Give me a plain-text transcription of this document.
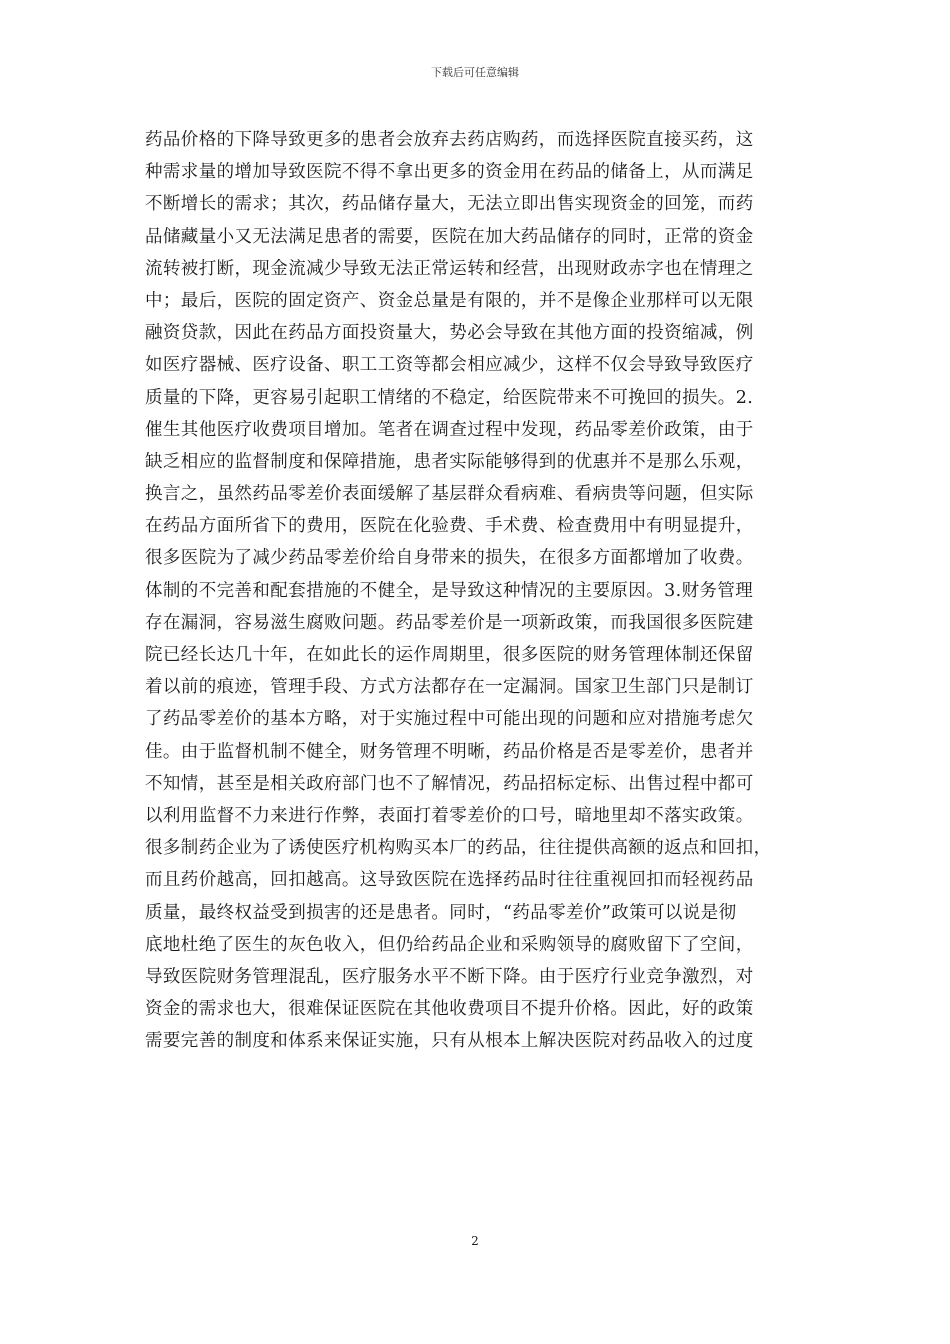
下载后可任意编辑
药品价格的下降导致更多的患者会放弃去药店购药，而选择医院直接买药，这
种需求量的增加导致医院不得不拿出更多的资金用在药品的储备上，从而满足
不断增长的需求；其次，药品储存量大，无法立即出售实现资金的回笼，而药
品储藏量小又无法满足患者的需要，医院在加大药品储存的同时，正常的资金
流转被打断，现金流减少导致无法正常运转和经营，出现财政赤字也在情理之
中；最后，医院的固定资产、资金总量是有限的，并不是像企业那样可以无限
融资贷款，因此在药品方面投资量大，势必会导致在其他方面的投资缩减，例
如医疗器械、医疗设备、职工工资等都会相应减少，这样不仅会导致导致医疗
质量的下降，更容易引起职工情绪的不稳定，给医院带来不可挽回的损失。2.
催生其他医疗收费项目增加。笔者在调查过程中发现，药品零差价政策，由于
缺乏相应的监督制度和保障措施，患者实际能够得到的优惠并不是那么乐观，
换言之，虽然药品零差价表面缓解了基层群众看病难、看病贵等问题，但实际
在药品方面所省下的费用，医院在化验费、手术费、检查费用中有明显提升，
很多医院为了减少药品零差价给自身带来的损失，在很多方面都增加了收费。
体制的不完善和配套措施的不健全，是导致这种情况的主要原因。3.财务管理
存在漏洞，容易滋生腐败问题。药品零差价是一项新政策，而我国很多医院建
院已经长达几十年，在如此长的运作周期里，很多医院的财务管理体制还保留
着以前的痕迹，管理手段、方式方法都存在一定漏洞。国家卫生部门只是制订
了药品零差价的基本方略，对于实施过程中可能出现的问题和应对措施考虑欠
佳。由于监督机制不健全，财务管理不明晰，药品价格是否是零差价，患者并
不知情，甚至是相关政府部门也不了解情况，药品招标定标、出售过程中都可
以利用监督不力来进行作弊，表面打着零差价的口号，暗地里却不落实政策。
很多制药企业为了诱使医疗机构购买本厂的药品，往往提供高额的返点和回扣，
而且药价越高，回扣越高。这导致医院在选择药品时往往重视回扣而轻视药品
质量，最终权益受到损害的还是患者。同时，“药品零差价”政策可以说是彻
底地杜绝了医生的灰色收入，但仍给药品企业和采购领导的腐败留下了空间，
导致医院财务管理混乱，医疗服务水平不断下降。由于医疗行业竞争激烈，对
资金的需求也大，很难保证医院在其他收费项目不提升价格。因此，好的政策
需要完善的制度和体系来保证实施，只有从根本上解决医院对药品收入的过度
2
